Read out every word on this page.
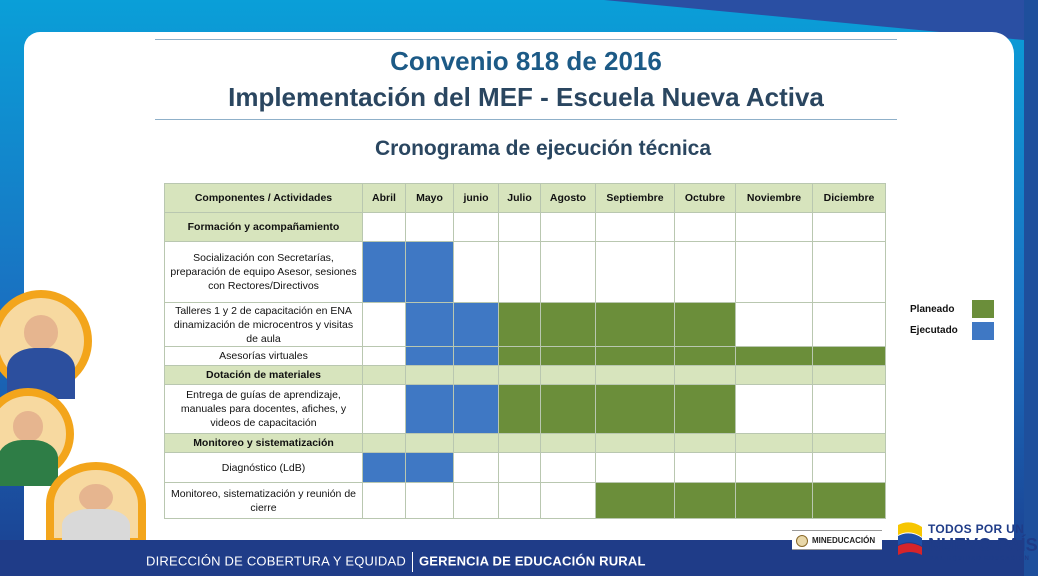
Convenio 818 de 2016
Implementación del MEF - Escuela Nueva Activa
Cronograma de ejecución técnica
Componentes / Actividades	Abril	Mayo	junio	Julio	Agosto	Septiembre	Octubre	Noviembre	Diciembre
Formación y acompañamiento									
Socialización con Secretarías, preparación de equipo Asesor, sesiones con Rectores/Directivos									
Talleres 1 y 2 de capacitación en ENA dinamización de microcentros y visitas de aula									
Asesorías virtuales									
Dotación de materiales									
Entrega de guías de aprendizaje, manuales para docentes, afiches, y videos de capacitación									
Monitoreo y sistematización									
Diagnóstico (LdB)									
Monitoreo, sistematización y reunión de cierre									
Planeado
Ejecutado
DIRECCIÓN DE COBERTURA Y EQUIDAD GERENCIA DE EDUCACIÓN RURAL
MINEDUCACIÓN
TODOS POR UN
NUEVO PAÍS
PAZ EQUIDAD EDUCACIÓN
